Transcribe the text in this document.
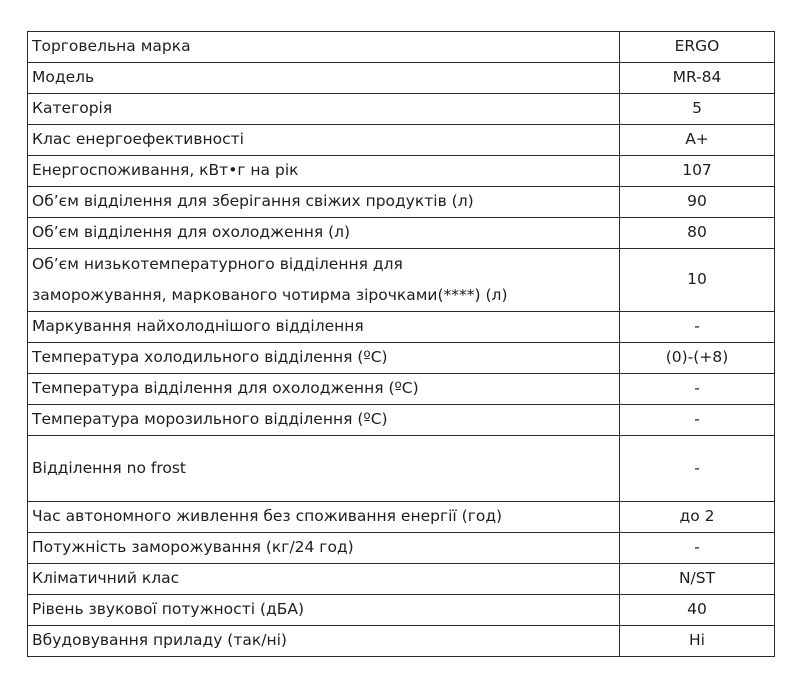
Торговельна марка	ERGO
Модель	MR-84
Категорія	5
Клас енергоефективності	A+
Енергоспоживання, кВт•г на рік	107
Об’єм відділення для зберігання свіжих продуктів (л)	90
Об’єм відділення для охолодження (л)	80
Об’єм низькотемпературного відділення для
заморожування, маркованого чотирма зірочками(****) (л)	10
Маркування найхолоднішого відділення	-
Температура холодильного відділення (ºC)	(0)-(+8)
Температура відділення для охолодження (ºC)	-
Температура морозильного відділення (ºC)	-
Відділення no frost	-
Час автономного живлення без споживання енергії (год)	до 2
Потужність заморожування (кг/24 год)	-
Кліматичний клас	N/ST
Рівень звукової потужності (дБА)	40
Вбудовування приладу (так/ні)	Ні
